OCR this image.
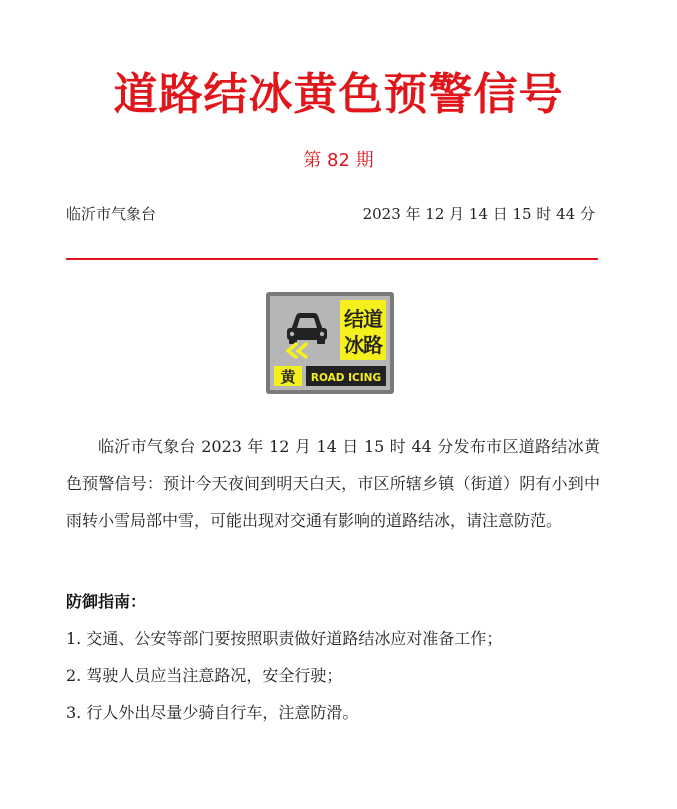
道路结冰黄色预警信号
第 82 期
临沂市气象台	2023 年 12 月 14 日 15 时 44 分
结道
冰路
黄 ROAD ICING

临沂市气象台 2023 年 12 月 14 日 15 时 44 分发布市区道路结冰黄色预警信号：预计今天夜间到明天白天，市区所辖乡镇（街道）阴有小到中雨转小雪局部中雪，可能出现对交通有影响的道路结冰，请注意防范。

防御指南：
1. 交通、公安等部门要按照职责做好道路结冰应对准备工作；
2. 驾驶人员应当注意路况，安全行驶；
3. 行人外出尽量少骑自行车，注意防滑。
